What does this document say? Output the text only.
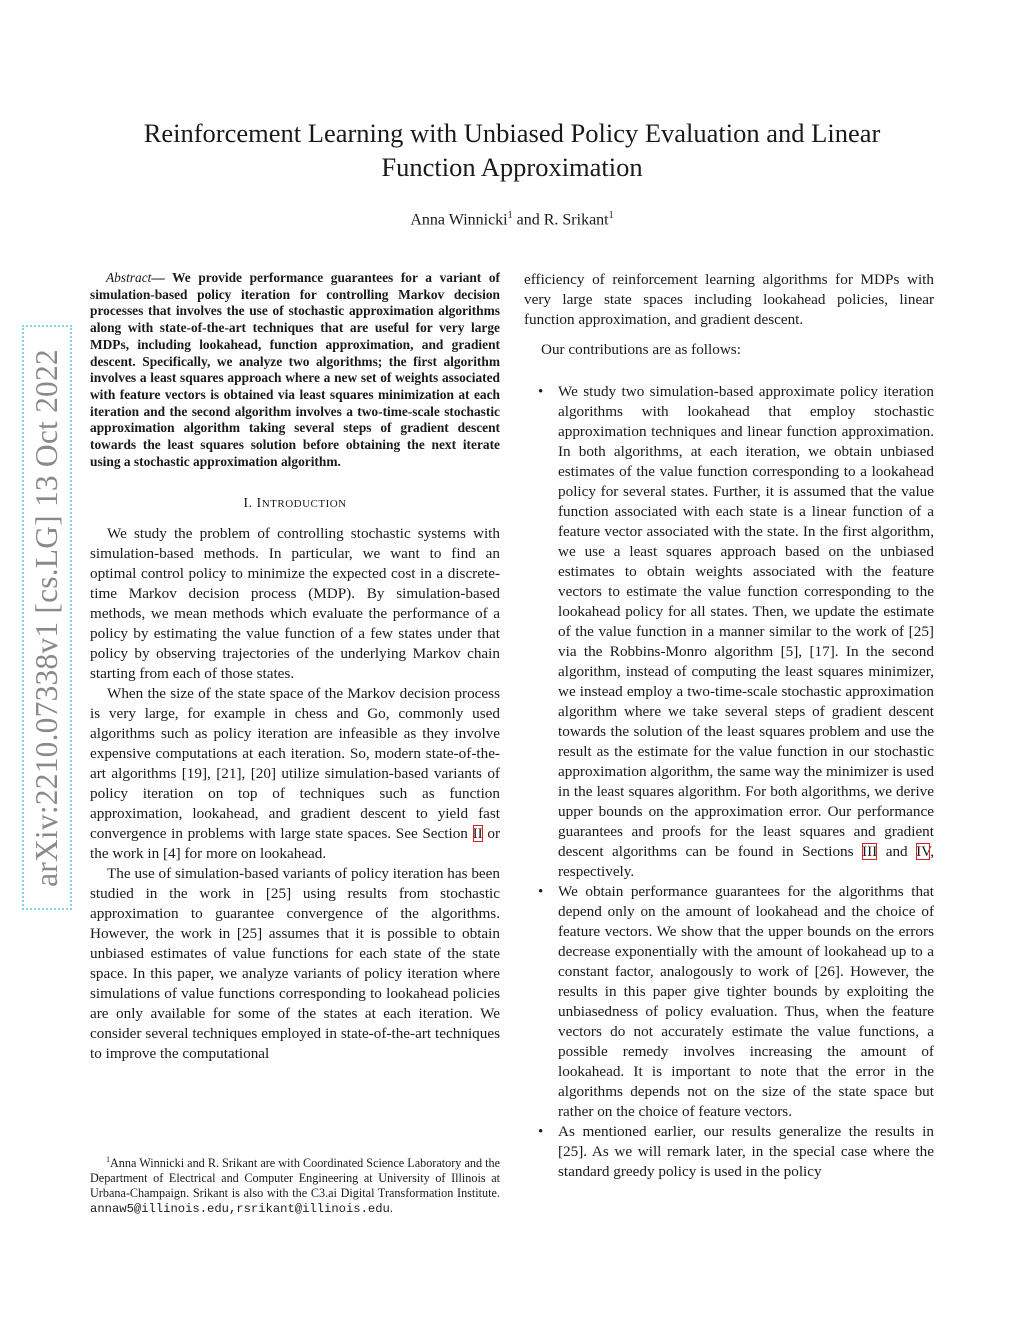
arXiv:2210.07338v1 [cs.LG] 13 Oct 2022
Reinforcement Learning with Unbiased Policy Evaluation and Linear
Function Approximation
Anna Winnicki$^1$ and R. Srikant$^1$

Abstract— We provide performance guarantees for a variant of simulation-based policy iteration for controlling Markov decision processes that involves the use of stochastic approximation algorithms along with state-of-the-art techniques that are useful for very large MDPs, including lookahead, function approximation, and gradient descent. Specifically, we analyze two algorithms; the first algorithm involves a least squares approach where a new set of weights associated with feature vectors is obtained via least squares minimization at each iteration and the second algorithm involves a two-time-scale stochastic approximation algorithm taking several steps of gradient descent towards the least squares solution before obtaining the next iterate using a stochastic approximation algorithm.

I. INTRODUCTION

We study the problem of controlling stochastic systems with simulation-based methods. In particular, we want to find an optimal control policy to minimize the expected cost in a discrete-time Markov decision process (MDP). By simulation-based methods, we mean methods which evaluate the performance of a policy by estimating the value function of a few states under that policy by observing trajectories of the underlying Markov chain starting from each of those states.

When the size of the state space of the Markov decision process is very large, for example in chess and Go, commonly used algorithms such as policy iteration are infeasible as they involve expensive computations at each iteration. So, modern state-of-the-art algorithms [19], [21], [20] utilize simulation-based variants of policy iteration on top of techniques such as function approximation, lookahead, and gradient descent to yield fast convergence in problems with large state spaces. See Section II or the work in [4] for more on lookahead.

The use of simulation-based variants of policy iteration has been studied in the work in [25] using results from stochastic approximation to guarantee convergence of the algorithms. However, the work in [25] assumes that it is possible to obtain unbiased estimates of value functions for each state of the state space. In this paper, we analyze variants of policy iteration where simulations of value functions corresponding to lookahead policies are only available for some of the states at each iteration. We consider several techniques employed in state-of-the-art techniques to improve the computational

$^1$Anna Winnicki and R. Srikant are with Coordinated Science Laboratory and the Department of Electrical and Computer Engineering at University of Illinois at Urbana-Champaign. Srikant is also with the C3.ai Digital Transformation Institute. annaw5@illinois.edu,rsrikant@illinois.edu.

efficiency of reinforcement learning algorithms for MDPs with very large state spaces including lookahead policies, linear function approximation, and gradient descent.

Our contributions are as follows:

• We study two simulation-based approximate policy iteration algorithms with lookahead that employ stochastic approximation techniques and linear function approximation. In both algorithms, at each iteration, we obtain unbiased estimates of the value function corresponding to a lookahead policy for several states. Further, it is assumed that the value function associated with each state is a linear function of a feature vector associated with the state. In the first algorithm, we use a least squares approach based on the unbiased estimates to obtain weights associated with the feature vectors to estimate the value function corresponding to the lookahead policy for all states. Then, we update the estimate of the value function in a manner similar to the work of [25] via the Robbins-Monro algorithm [5], [17]. In the second algorithm, instead of computing the least squares minimizer, we instead employ a two-time-scale stochastic approximation algorithm where we take several steps of gradient descent towards the solution of the least squares problem and use the result as the estimate for the value function in our stochastic approximation algorithm, the same way the minimizer is used in the least squares algorithm. For both algorithms, we derive upper bounds on the approximation error. Our performance guarantees and proofs for the least squares and gradient descent algorithms can be found in Sections III and IV, respectively.
• We obtain performance guarantees for the algorithms that depend only on the amount of lookahead and the choice of feature vectors. We show that the upper bounds on the errors decrease exponentially with the amount of lookahead up to a constant factor, analogously to work of [26]. However, the results in this paper give tighter bounds by exploiting the unbiasedness of policy evaluation. Thus, when the feature vectors do not accurately estimate the value functions, a possible remedy involves increasing the amount of lookahead. It is important to note that the error in the algorithms depends not on the size of the state space but rather on the choice of feature vectors.
• As mentioned earlier, our results generalize the results in [25]. As we will remark later, in the special case where the standard greedy policy is used in the policy
